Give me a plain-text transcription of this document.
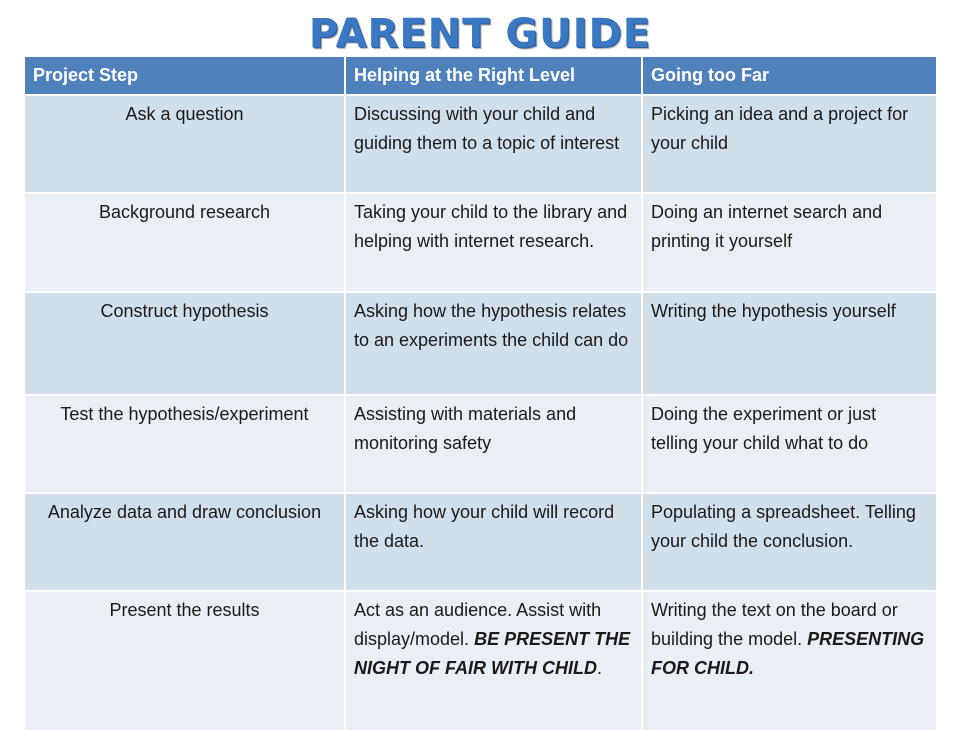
PARENT GUIDE
Project Step	Helping at the Right Level	Going too Far
Ask a question	Discussing with your child and guiding them to a topic of interest	Picking an idea and a project for your child
Background research	Taking your child to the library and helping with internet research.	Doing an internet search and printing it yourself
Construct hypothesis	Asking how the hypothesis relates to an experiments the child can do	Writing the hypothesis yourself
Test the hypothesis/experiment	Assisting with materials and monitoring safety	Doing the experiment or just telling your child what to do
Analyze data and draw conclusion	Asking how your child will record the data.	Populating a spreadsheet. Telling your child the conclusion.
Present the results	Act as an audience. Assist with display/model. BE PRESENT THE NIGHT OF FAIR WITH CHILD.	Writing the text on the board or building the model. PRESENTING FOR CHILD.
